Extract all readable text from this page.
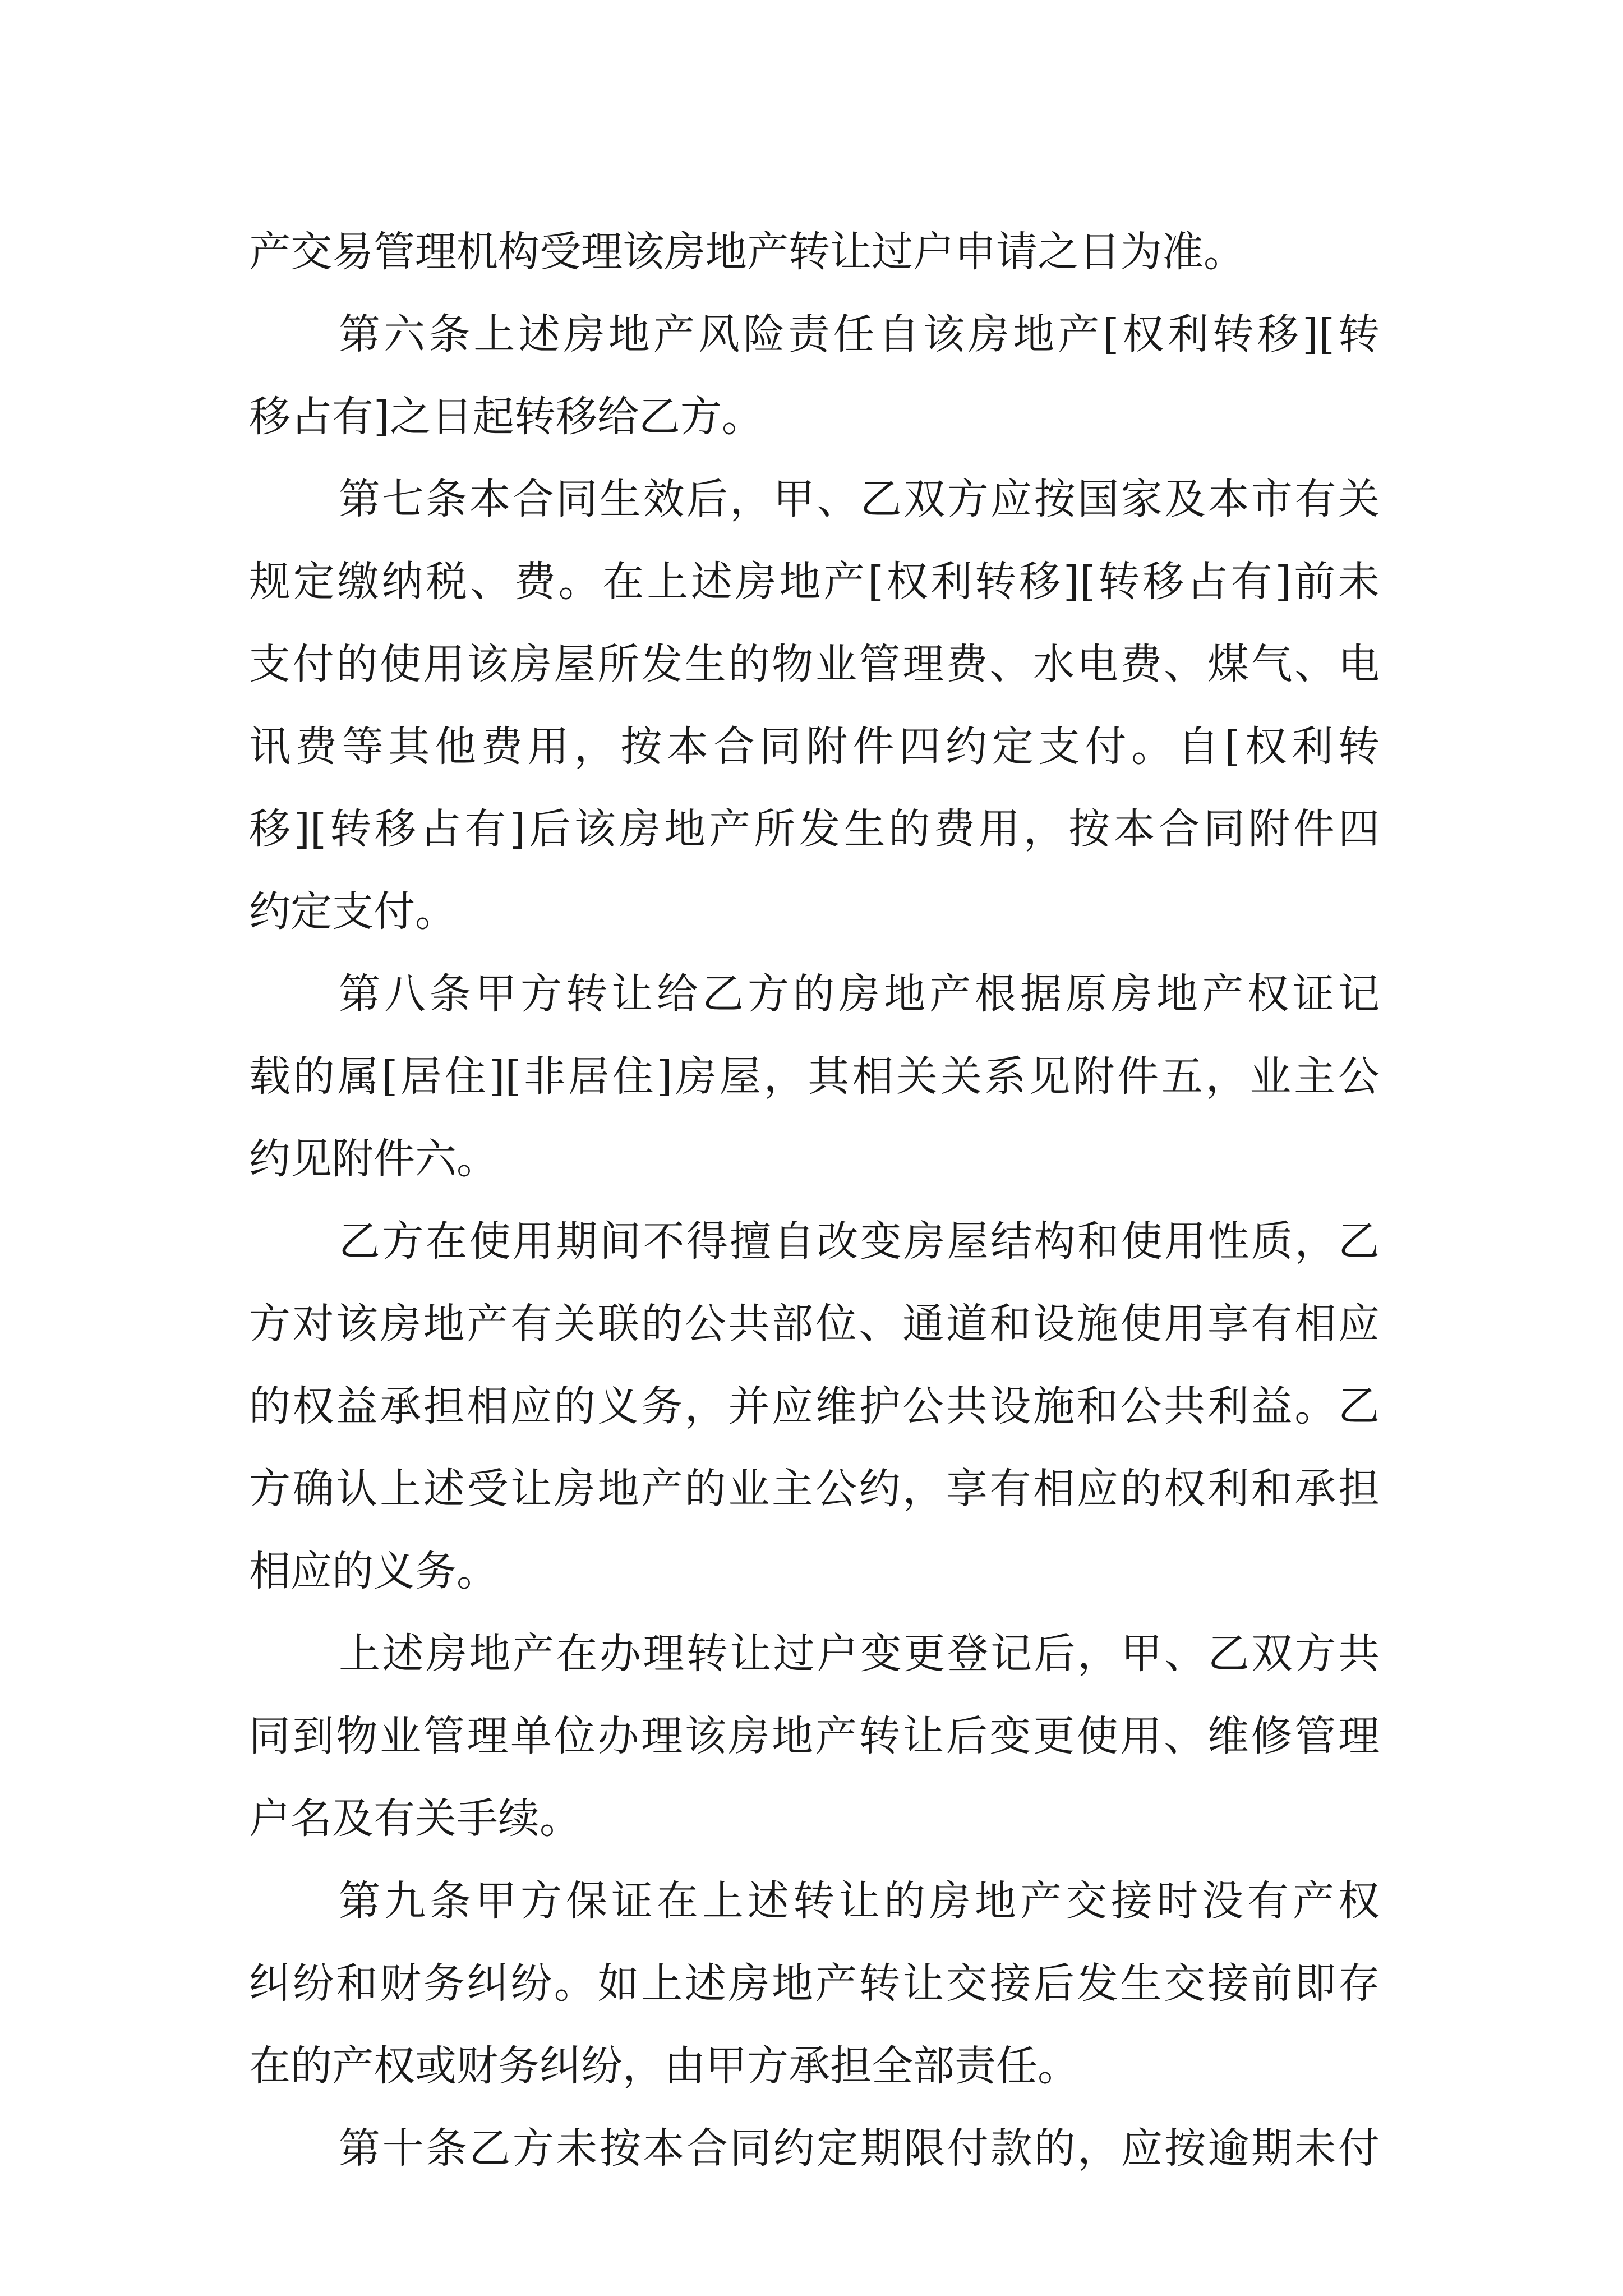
产交易管理机构受理该房地产转让过户申请之日为准。
第六条上述房地产风险责任自该房地产[权利转移][转
移占有]之日起转移给乙方。
第七条本合同生效后，甲、乙双方应按国家及本市有关
规定缴纳税、费。在上述房地产[权利转移][转移占有]前未
支付的使用该房屋所发生的物业管理费、水电费、煤气、电
讯费等其他费用，按本合同附件四约定支付。自[权利转
移][转移占有]后该房地产所发生的费用，按本合同附件四
约定支付。
第八条甲方转让给乙方的房地产根据原房地产权证记
载的属[居住][非居住]房屋，其相关关系见附件五，业主公
约见附件六。
乙方在使用期间不得擅自改变房屋结构和使用性质，乙
方对该房地产有关联的公共部位、通道和设施使用享有相应
的权益承担相应的义务，并应维护公共设施和公共利益。乙
方确认上述受让房地产的业主公约，享有相应的权利和承担
相应的义务。
上述房地产在办理转让过户变更登记后，甲、乙双方共
同到物业管理单位办理该房地产转让后变更使用、维修管理
户名及有关手续。
第九条甲方保证在上述转让的房地产交接时没有产权
纠纷和财务纠纷。如上述房地产转让交接后发生交接前即存
在的产权或财务纠纷，由甲方承担全部责任。
第十条乙方未按本合同约定期限付款的，应按逾期未付
